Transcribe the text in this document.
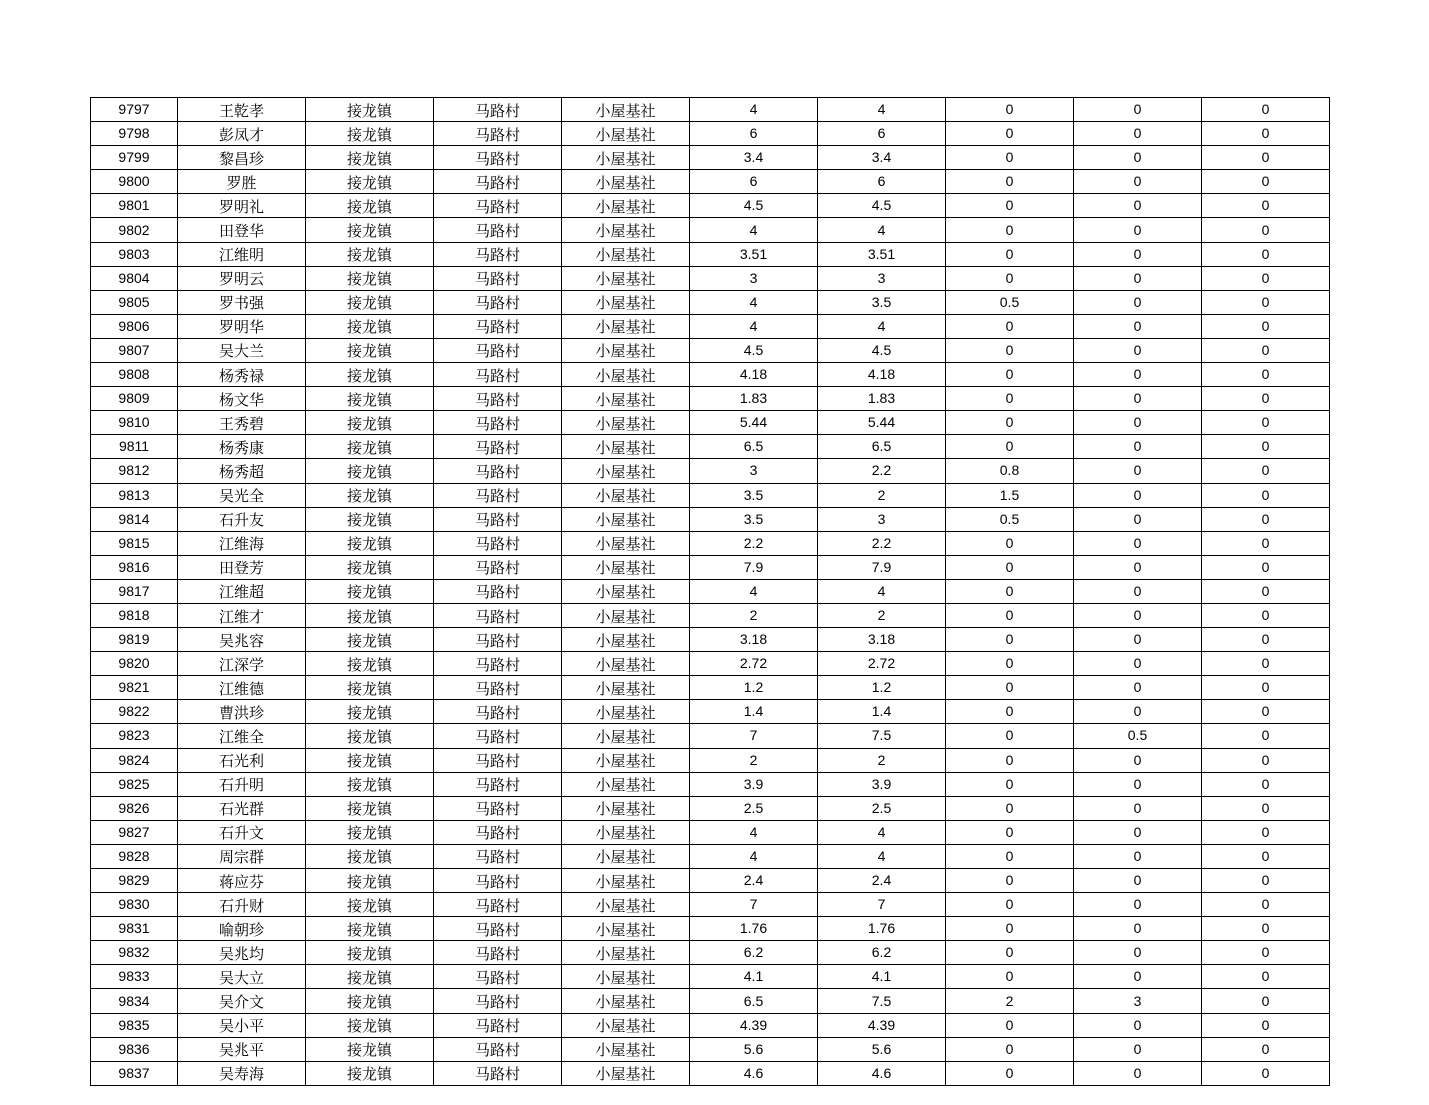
9797	王乾孝	接龙镇	马路村	小屋基社	4	4	0	0	0
9798	彭凤才	接龙镇	马路村	小屋基社	6	6	0	0	0
9799	黎昌珍	接龙镇	马路村	小屋基社	3.4	3.4	0	0	0
9800	罗胜	接龙镇	马路村	小屋基社	6	6	0	0	0
9801	罗明礼	接龙镇	马路村	小屋基社	4.5	4.5	0	0	0
9802	田登华	接龙镇	马路村	小屋基社	4	4	0	0	0
9803	江维明	接龙镇	马路村	小屋基社	3.51	3.51	0	0	0
9804	罗明云	接龙镇	马路村	小屋基社	3	3	0	0	0
9805	罗书强	接龙镇	马路村	小屋基社	4	3.5	0.5	0	0
9806	罗明华	接龙镇	马路村	小屋基社	4	4	0	0	0
9807	吴大兰	接龙镇	马路村	小屋基社	4.5	4.5	0	0	0
9808	杨秀禄	接龙镇	马路村	小屋基社	4.18	4.18	0	0	0
9809	杨文华	接龙镇	马路村	小屋基社	1.83	1.83	0	0	0
9810	王秀碧	接龙镇	马路村	小屋基社	5.44	5.44	0	0	0
9811	杨秀康	接龙镇	马路村	小屋基社	6.5	6.5	0	0	0
9812	杨秀超	接龙镇	马路村	小屋基社	3	2.2	0.8	0	0
9813	吴光全	接龙镇	马路村	小屋基社	3.5	2	1.5	0	0
9814	石升友	接龙镇	马路村	小屋基社	3.5	3	0.5	0	0
9815	江维海	接龙镇	马路村	小屋基社	2.2	2.2	0	0	0
9816	田登芳	接龙镇	马路村	小屋基社	7.9	7.9	0	0	0
9817	江维超	接龙镇	马路村	小屋基社	4	4	0	0	0
9818	江维才	接龙镇	马路村	小屋基社	2	2	0	0	0
9819	吴兆容	接龙镇	马路村	小屋基社	3.18	3.18	0	0	0
9820	江深学	接龙镇	马路村	小屋基社	2.72	2.72	0	0	0
9821	江维德	接龙镇	马路村	小屋基社	1.2	1.2	0	0	0
9822	曹洪珍	接龙镇	马路村	小屋基社	1.4	1.4	0	0	0
9823	江维全	接龙镇	马路村	小屋基社	7	7.5	0	0.5	0
9824	石光利	接龙镇	马路村	小屋基社	2	2	0	0	0
9825	石升明	接龙镇	马路村	小屋基社	3.9	3.9	0	0	0
9826	石光群	接龙镇	马路村	小屋基社	2.5	2.5	0	0	0
9827	石升文	接龙镇	马路村	小屋基社	4	4	0	0	0
9828	周宗群	接龙镇	马路村	小屋基社	4	4	0	0	0
9829	蒋应芬	接龙镇	马路村	小屋基社	2.4	2.4	0	0	0
9830	石升财	接龙镇	马路村	小屋基社	7	7	0	0	0
9831	喻朝珍	接龙镇	马路村	小屋基社	1.76	1.76	0	0	0
9832	吴兆均	接龙镇	马路村	小屋基社	6.2	6.2	0	0	0
9833	吴大立	接龙镇	马路村	小屋基社	4.1	4.1	0	0	0
9834	吴介文	接龙镇	马路村	小屋基社	6.5	7.5	2	3	0
9835	吴小平	接龙镇	马路村	小屋基社	4.39	4.39	0	0	0
9836	吴兆平	接龙镇	马路村	小屋基社	5.6	5.6	0	0	0
9837	吴寿海	接龙镇	马路村	小屋基社	4.6	4.6	0	0	0
